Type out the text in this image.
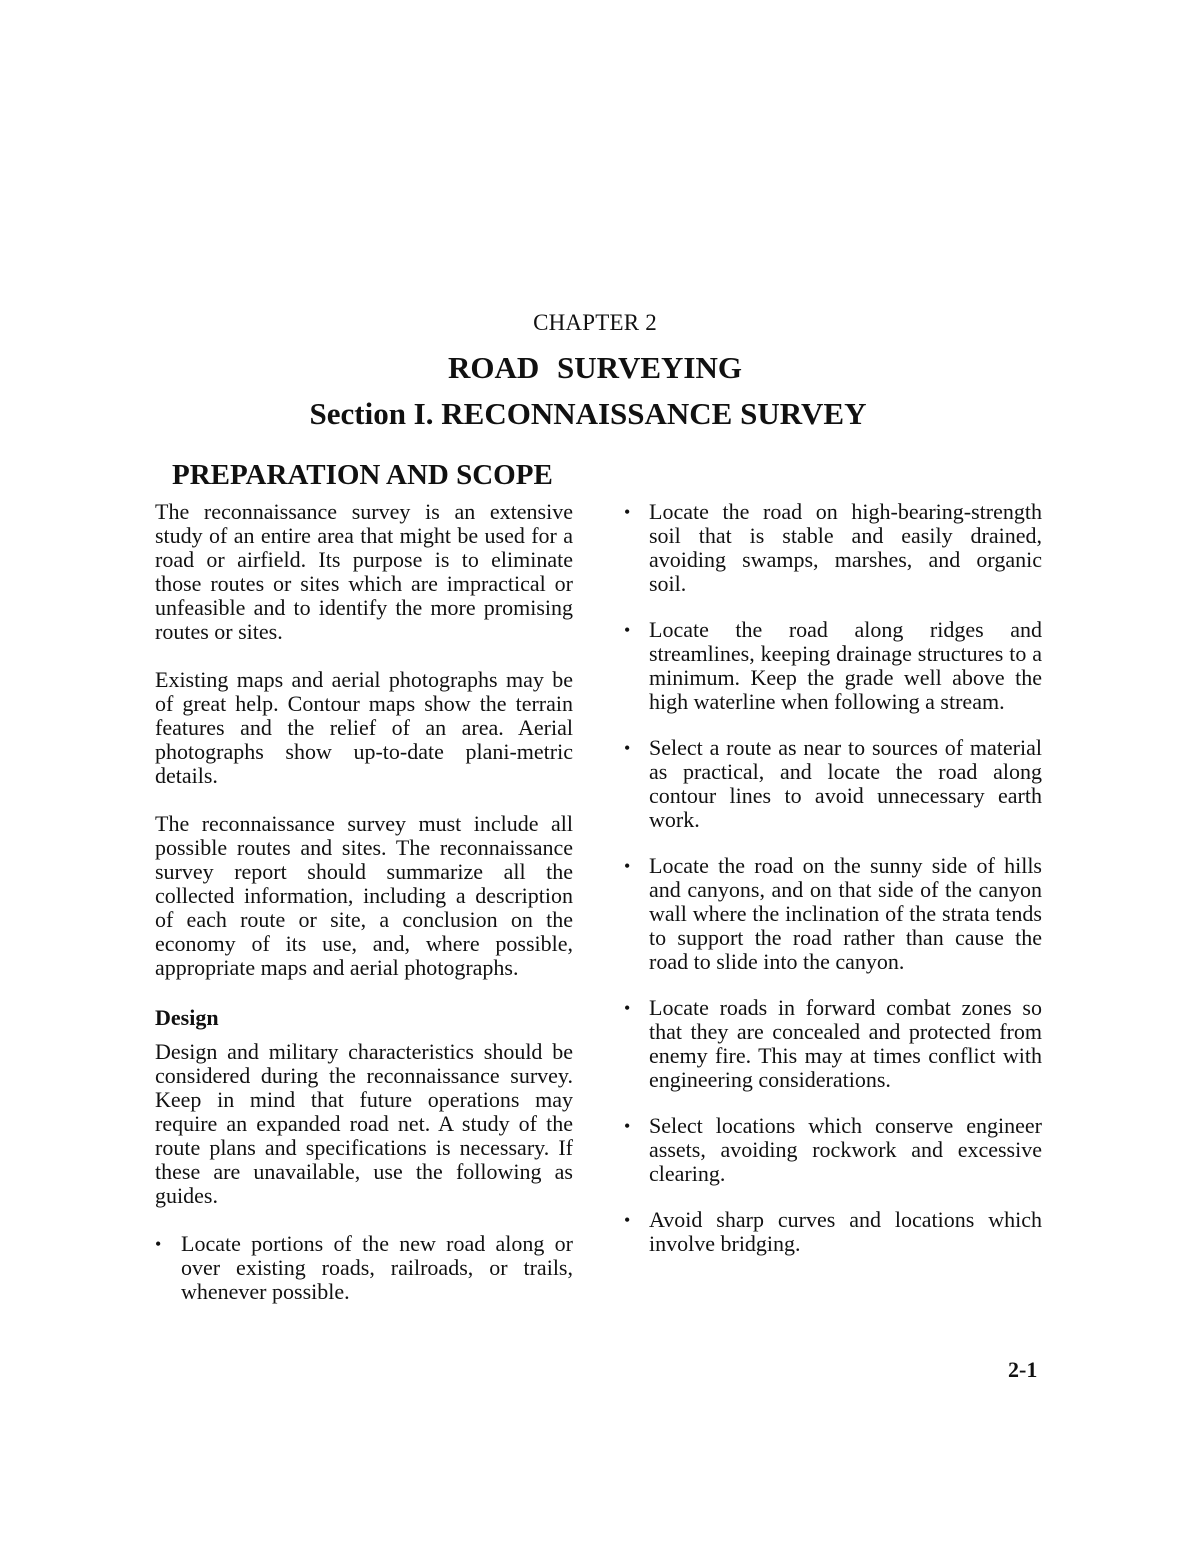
CHAPTER 2
ROAD SURVEYING
Section I. RECONNAISSANCE SURVEY
PREPARATION AND SCOPE

The reconnaissance survey is an extensive study of an entire area that might be used for a road or airfield. Its purpose is to eliminate those routes or sites which are impractical or unfeasible and to identify the more promising routes or sites.

Existing maps and aerial photographs may be of great help. Contour maps show the terrain features and the relief of an area. Aerial photographs show up-to-date plani-metric details.

The reconnaissance survey must include all possible routes and sites. The reconnaissance survey report should summarize all the collected information, including a description of each route or site, a conclusion on the economy of its use, and, where possible, appropriate maps and aerial photographs.

Design

Design and military characteristics should be considered during the reconnaissance survey. Keep in mind that future operations may require an expanded road net. A study of the route plans and specifications is necessary. If these are unavailable, use the following as guides.

• Locate portions of the new road along or over existing roads, railroads, or trails, whenever possible.
• Locate the road on high-bearing-strength soil that is stable and easily drained, avoiding swamps, marshes, and organic soil.
• Locate the road along ridges and streamlines, keeping drainage structures to a minimum. Keep the grade well above the high waterline when following a stream.
• Select a route as near to sources of material as practical, and locate the road along contour lines to avoid unnecessary earth work.
• Locate the road on the sunny side of hills and canyons, and on that side of the canyon wall where the inclination of the strata tends to support the road rather than cause the road to slide into the canyon.
• Locate roads in forward combat zones so that they are concealed and protected from enemy fire. This may at times conflict with engineering considerations.
• Select locations which conserve engineer assets, avoiding rockwork and excessive clearing.
• Avoid sharp curves and locations which involve bridging.
2-1
